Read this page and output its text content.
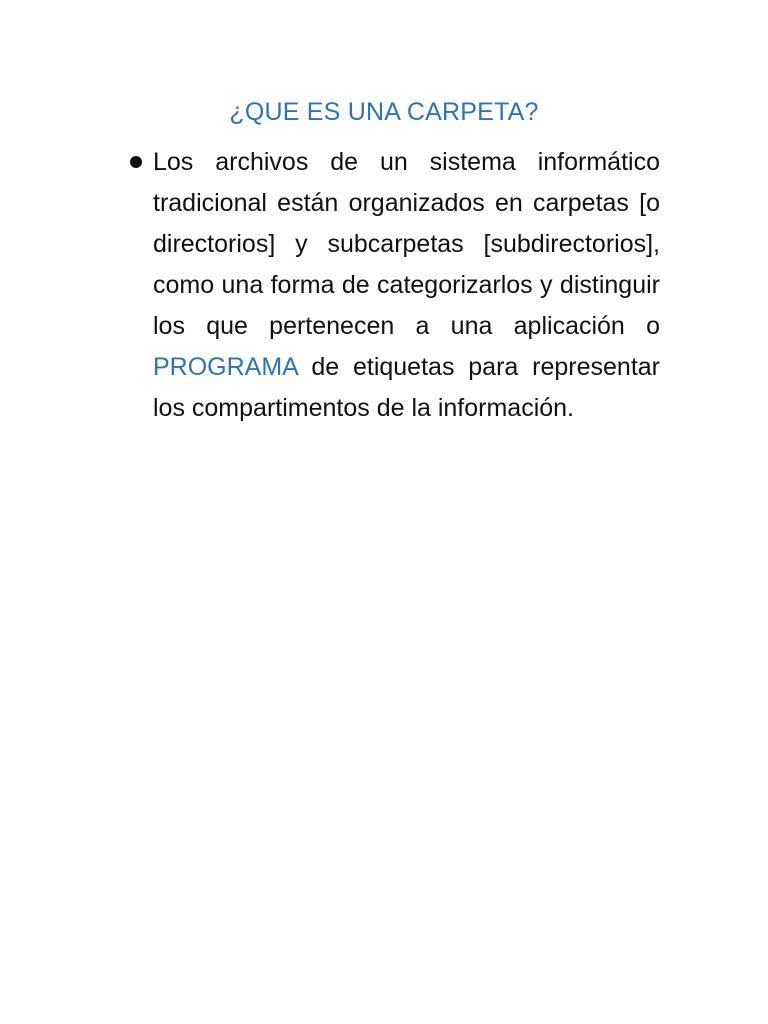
¿QUE ES UNA CARPETA?
Los archivos de un sistema informático tradicional están organizados en carpetas [o directorios] y subcarpetas [subdirectorios], como una forma de categorizarlos y distinguir los que pertenecen a una aplicación o PROGRAMA de etiquetas para representar los compartimentos de la información.
